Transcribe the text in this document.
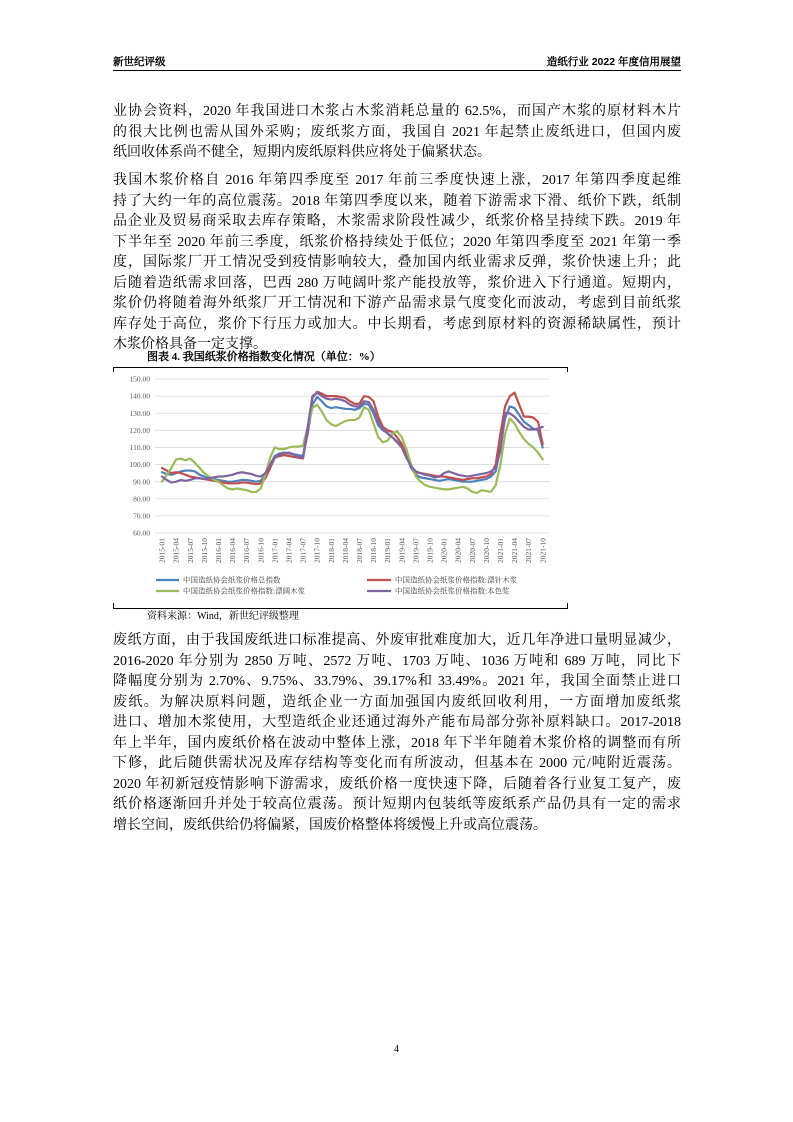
新世纪评级	造纸行业 2022 年度信用展望
业协会资料，2020 年我国进口木浆占木浆消耗总量的 62.5%，而国产木浆的原材料木片
的很大比例也需从国外采购；废纸浆方面，我国自 2021 年起禁止废纸进口，但国内废
纸回收体系尚不健全，短期内废纸原料供应将处于偏紧状态。
我国木浆价格自 2016 年第四季度至 2017 年前三季度快速上涨，2017 年第四季度起维
持了大约一年的高位震荡。2018 年第四季度以来，随着下游需求下滑、纸价下跌，纸制
品企业及贸易商采取去库存策略，木浆需求阶段性减少，纸浆价格呈持续下跌。2019 年
下半年至 2020 年前三季度，纸浆价格持续处于低位；2020 年第四季度至 2021 年第一季
度，国际浆厂开工情况受到疫情影响较大，叠加国内纸业需求反弹，浆价快速上升；此
后随着造纸需求回落，巴西 280 万吨阔叶浆产能投放等，浆价进入下行通道。短期内，
浆价仍将随着海外纸浆厂开工情况和下游产品需求景气度变化而波动，考虑到目前纸浆
库存处于高位，浆价下行压力或加大。中长期看，考虑到原材料的资源稀缺属性，预计
木浆价格具备一定支撑。
图表 4. 我国纸浆价格指数变化情况（单位：%）
150.00
140.00
130.00
120.00
110.00
100.00
90.00
80.00
70.00
60.00
2015-01 2015-04 2015-07 2015-10 2016-01 2016-04 2016-07 2016-10 2017-01 2017-04 2017-07 2017-10 2018-01 2018-04 2018-07 2018-10 2019-01 2019-04 2019-07 2019-10 2020-01 2020-04 2020-07 2020-10 2021-01 2021-04 2021-07 2021-10
中国造纸协会纸浆价格总指数	中国造纸协会纸浆价格指数:漂针木浆
中国造纸协会纸浆价格指数:漂阔木浆	中国造纸协会纸浆价格指数:本色浆
资料来源：Wind，新世纪评级整理
废纸方面，由于我国废纸进口标准提高、外废审批难度加大，近几年净进口量明显减少，
2016-2020 年分别为 2850 万吨、2572 万吨、1703 万吨、1036 万吨和 689 万吨，同比下
降幅度分别为 2.70%、9.75%、33.79%、39.17%和 33.49%。2021 年，我国全面禁止进口
废纸。为解决原料问题，造纸企业一方面加强国内废纸回收利用，一方面增加废纸浆
进口、增加木浆使用，大型造纸企业还通过海外产能布局部分弥补原料缺口。2017-2018
年上半年，国内废纸价格在波动中整体上涨，2018 年下半年随着木浆价格的调整而有所
下修，此后随供需状况及库存结构等变化而有所波动，但基本在 2000 元/吨附近震荡。
2020 年初新冠疫情影响下游需求，废纸价格一度快速下降，后随着各行业复工复产，废
纸价格逐渐回升并处于较高位震荡。预计短期内包装纸等废纸系产品仍具有一定的需求
增长空间，废纸供给仍将偏紧，国废价格整体将缓慢上升或高位震荡。
4
